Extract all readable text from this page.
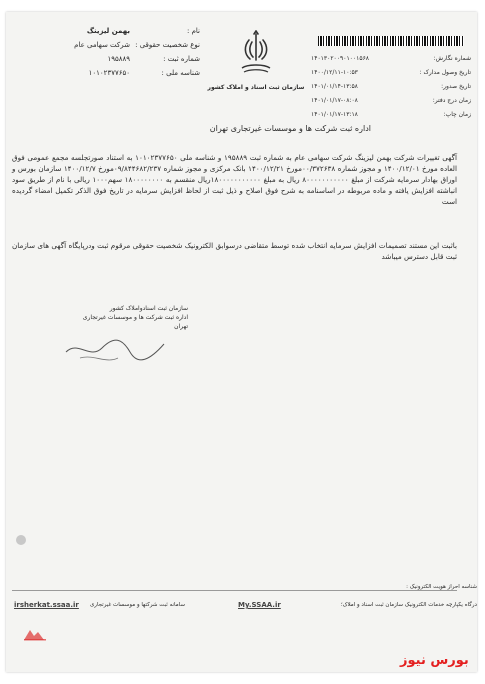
نام :
بهمن لیزینگ
نوع شخصیت حقوقی :
شرکت سهامی عام
شماره ثبت :
۱۹۵۸۸۹
شناسه ملی :
۱۰۱۰۲۳۷۷۶۵۰
سازمان ثبت اسناد و املاک کشور
شماره نگارش:
۱۴۰۱۳۰۲۰۰۹۰۱۰۰۱۵۶۸
تاریخ وصول مدارک :
۱۴۰۰/۱۲/۱۱-۱۰:۵۳
تاریخ صدور:
۱۴۰۱/۰۱/۱۴-۱۳:۵۸
زمان درج دفتر:
۱۴۰۱/۰۱/۱۷-۰۸:۰۸
زمان چاپ:
۱۴۰۱/۰۱/۱۷-۱۳:۱۸
اداره ثبت شرکت ها و موسسات غیرتجاری تهران
آگهی تغییرات شرکت بهمن لیزینگ شرکت سهامی عام به شماره ثبت ۱۹۵۸۸۹ و شناسه ملی ۱۰۱۰۲۳۷۷۶۵۰ به استناد صورتجلسه مجمع عمومی فوق العاده مورخ ۱۴۰۰/۱۲/۰۱ و مجوز شماره ۰۰/۳۷۲۶۳۸مورخ ۱۴۰۰/۱۲/۲۱ بانک مرکزی و مجوز شماره ۰۹/۸۴۴۶۸۲/۲۳۷مورخ ۱۴۰۰/۱۲/۷ سازمان بورس و اوراق بهادار سرمایه شرکت از مبلغ ۸۰۰۰۰۰۰۰۰۰۰۰ ریال به مبلغ ۱۸۰۰۰۰۰۰۰۰۰۰۰ریال منقسم به ۱۸۰۰۰۰۰۰۰۰ سهم۱۰۰۰ ریالی با نام از طریق سود انباشته افزایش یافته و ماده مربوطه در اساسنامه به شرح فوق اصلاح و ذیل ثبت از لحاظ افزایش سرمایه در تاریخ فوق الذکر تکمیل امضاء گردیده است
باثبت این مستند تصمیمات افزایش سرمایه انتخاب شده توسط متقاضی درسوابق الکترونیک شخصیت حقوقی مرقوم ثبت ودرپایگاه آگهی های سازمان ثبت قابل دسترس میباشد
سازمان ثبت اسنادواملاک کشور
اداره ثبت شرکت ها و موسسات غیرتجاری تهران
شناسه احراز هویت الکترونیک :
irsherkat.ssaa.ir سامانه ثبت شرکتها و موسسات غیرتجاری	My.SSAA.ir	درگاه یکپارچه خدمات الکترونیک سازمان ثبت اسناد و املاک؛
بورس نیوز
